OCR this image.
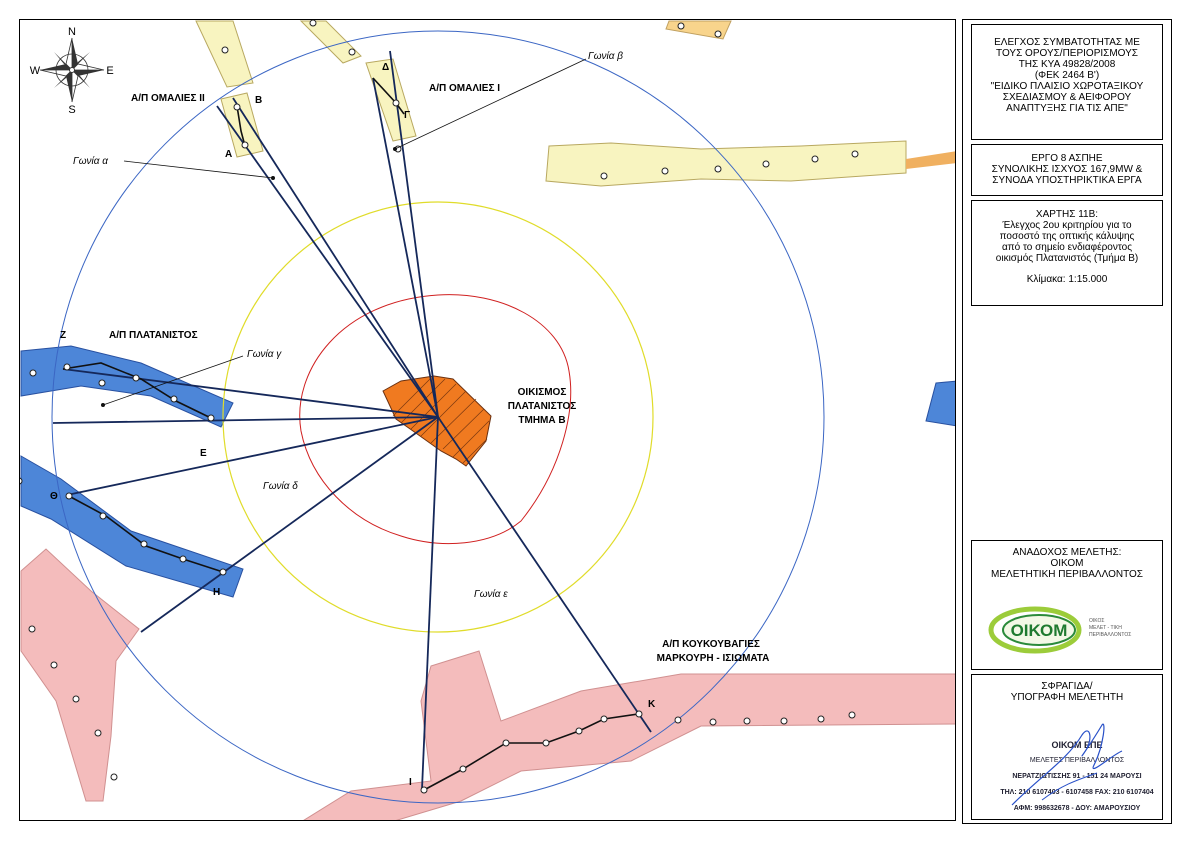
N
S
E
W
Α/Π ΟΜΑΛΙΕΣ ΙΙ
Α/Π ΟΜΑΛΙΕΣ Ι
Α/Π ΠΛΑΤΑΝΙΣΤΟΣ
Α/Π ΚΟΥΚΟΥΒΑΓΙΕΣ
ΜΑΡΚΟΥΡΗ - ΙΣΙΩΜΑΤΑ
ΟΙΚΙΣΜΟΣ
ΠΛΑΤΑΝΙΣΤΟΣ
ΤΜΗΜΑ Β
Γωνία α
Γωνία β
Γωνία γ
Γωνία δ
Γωνία ε
Α
Β
Γ
Δ
Ζ
Ε
Θ
Η
Ι
Κ
ΕΛΕΓΧΟΣ ΣΥΜΒΑΤΟΤΗΤΑΣ ΜΕ
ΤΟΥΣ ΟΡΟΥΣ/ΠΕΡΙΟΡΙΣΜΟΥΣ
ΤΗΣ ΚΥΑ 49828/2008
(ΦΕΚ 2464 Β')
"ΕΙΔΙΚΟ ΠΛΑΙΣΙΟ ΧΩΡΟΤΑΞΙΚΟΥ
ΣΧΕΔΙΑΣΜΟΥ & ΑΕΙΦΟΡΟΥ
ΑΝΑΠΤΥΞΗΣ ΓΙΑ ΤΙΣ ΑΠΕ"
ΕΡΓΟ 8 ΑΣΠΗΕ
ΣΥΝΟΛΙΚΗΣ ΙΣΧΥΟΣ 167,9MW &
ΣΥΝΟΔΑ ΥΠΟΣΤΗΡΙΚΤΙΚΑ ΕΡΓΑ
ΧΑΡΤΗΣ 11Β:
Έλεγχος 2ου κριτηρίου για το
ποσοστό της οπτικής κάλυψης
από το σημείο ενδιαφέροντος
οικισμός Πλατανιστός (Τμήμα Β)
Κλίμακα: 1:15.000
ΑΝΑΔΟΧΟΣ ΜΕΛΕΤΗΣ:
ΟΙΚΟΜ
ΜΕΛΕΤΗΤΙΚΗ ΠΕΡΙΒΑΛΛΟΝΤΟΣ

ΟΙΚΟΜ	ΟΙΚΟΣ
ΜΕΛΕΤ - ΤΙΚΗ
ΠΕΡΙΒΑΛΛΟΝΤΟΣ

ΣΦΡΑΓΙΔΑ/
ΥΠΟΓΡΑΦΗ ΜΕΛΕΤΗΤΗ

ΟΙΚΟΜ ΕΠΕ

ΜΕΛΕΤΕΣ ΠΕΡΙΒΑΛΛΟΝΤΟΣ

ΝΕΡΑΤΖΙΩΤΙΣΣΗΣ 91 - 151 24 ΜΑΡΟΥΣΙ

ΤΗΛ: 210 6107403 - 6107458 FAX: 210 6107404

ΑΦΜ: 998632678 - ΔΟΥ: ΑΜΑΡΟΥΣΙΟΥ
